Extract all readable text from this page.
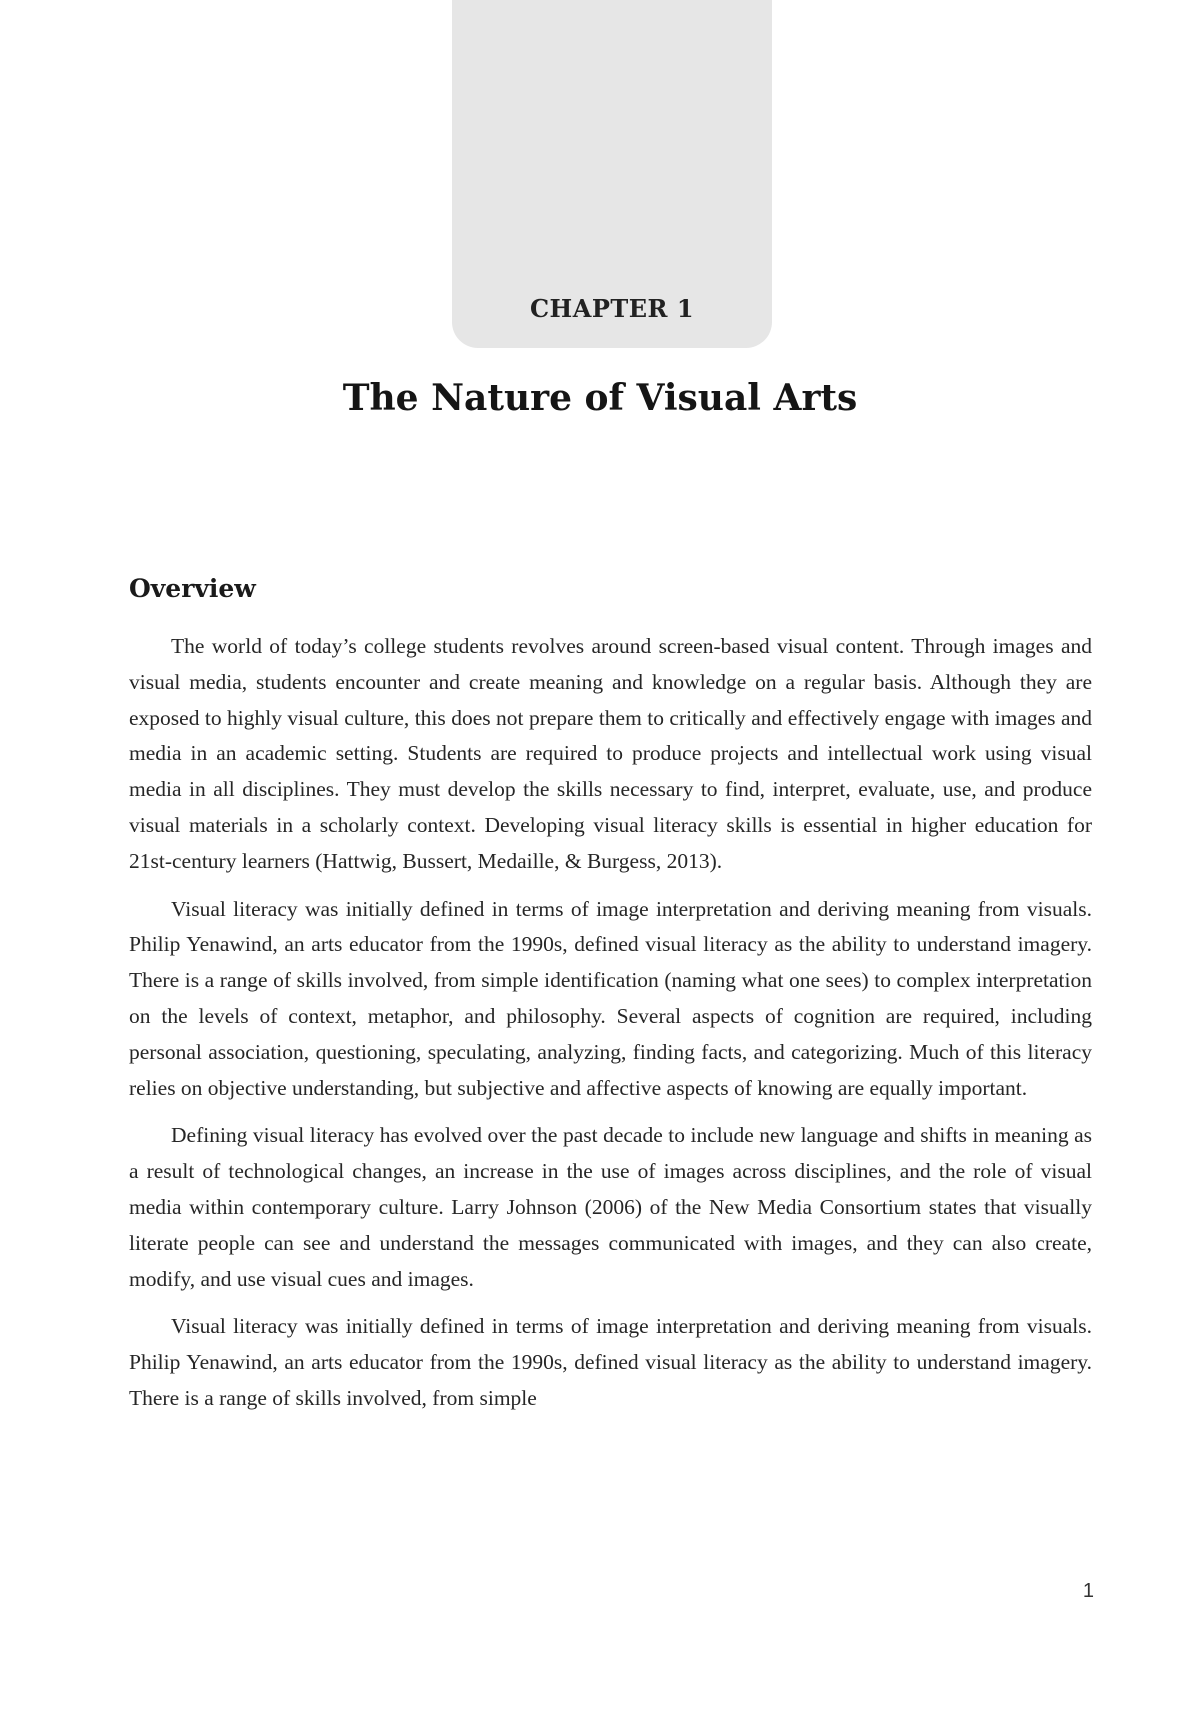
CHAPTER 1
The Nature of Visual Arts
Overview

The world of today’s college students revolves around screen-based visual content. Through images and visual media, students encounter and create meaning and knowledge on a regular basis. Although they are exposed to highly visual culture, this does not prepare them to critically and effectively engage with images and media in an academic setting. Students are required to produce projects and intellectual work using visual media in all disciplines. They must develop the skills necessary to find, interpret, evaluate, use, and produce visual materials in a scholarly context. Developing visual literacy skills is essential in higher education for 21st-century learners (Hattwig, Bussert, Medaille, & Burgess, 2013).

Visual literacy was initially defined in terms of image interpretation and deriving meaning from visuals. Philip Yenawind, an arts educator from the 1990s, defined visual literacy as the ability to understand imagery. There is a range of skills involved, from simple identification (naming what one sees) to complex interpretation on the levels of context, metaphor, and philosophy. Several aspects of cognition are required, including personal association, questioning, speculating, analyzing, finding facts, and categorizing. Much of this literacy relies on objective understanding, but subjective and affective aspects of knowing are equally important.

Defining visual literacy has evolved over the past decade to include new language and shifts in meaning as a result of technological changes, an increase in the use of images across disciplines, and the role of visual media within contemporary culture. Larry Johnson (2006) of the New Media Consortium states that visually literate people can see and understand the messages communicated with images, and they can also create, modify, and use visual cues and images.

Visual literacy was initially defined in terms of image interpretation and deriving meaning from visuals. Philip Yenawind, an arts educator from the 1990s, defined visual literacy as the ability to understand imagery. There is a range of skills involved, from simple

1
